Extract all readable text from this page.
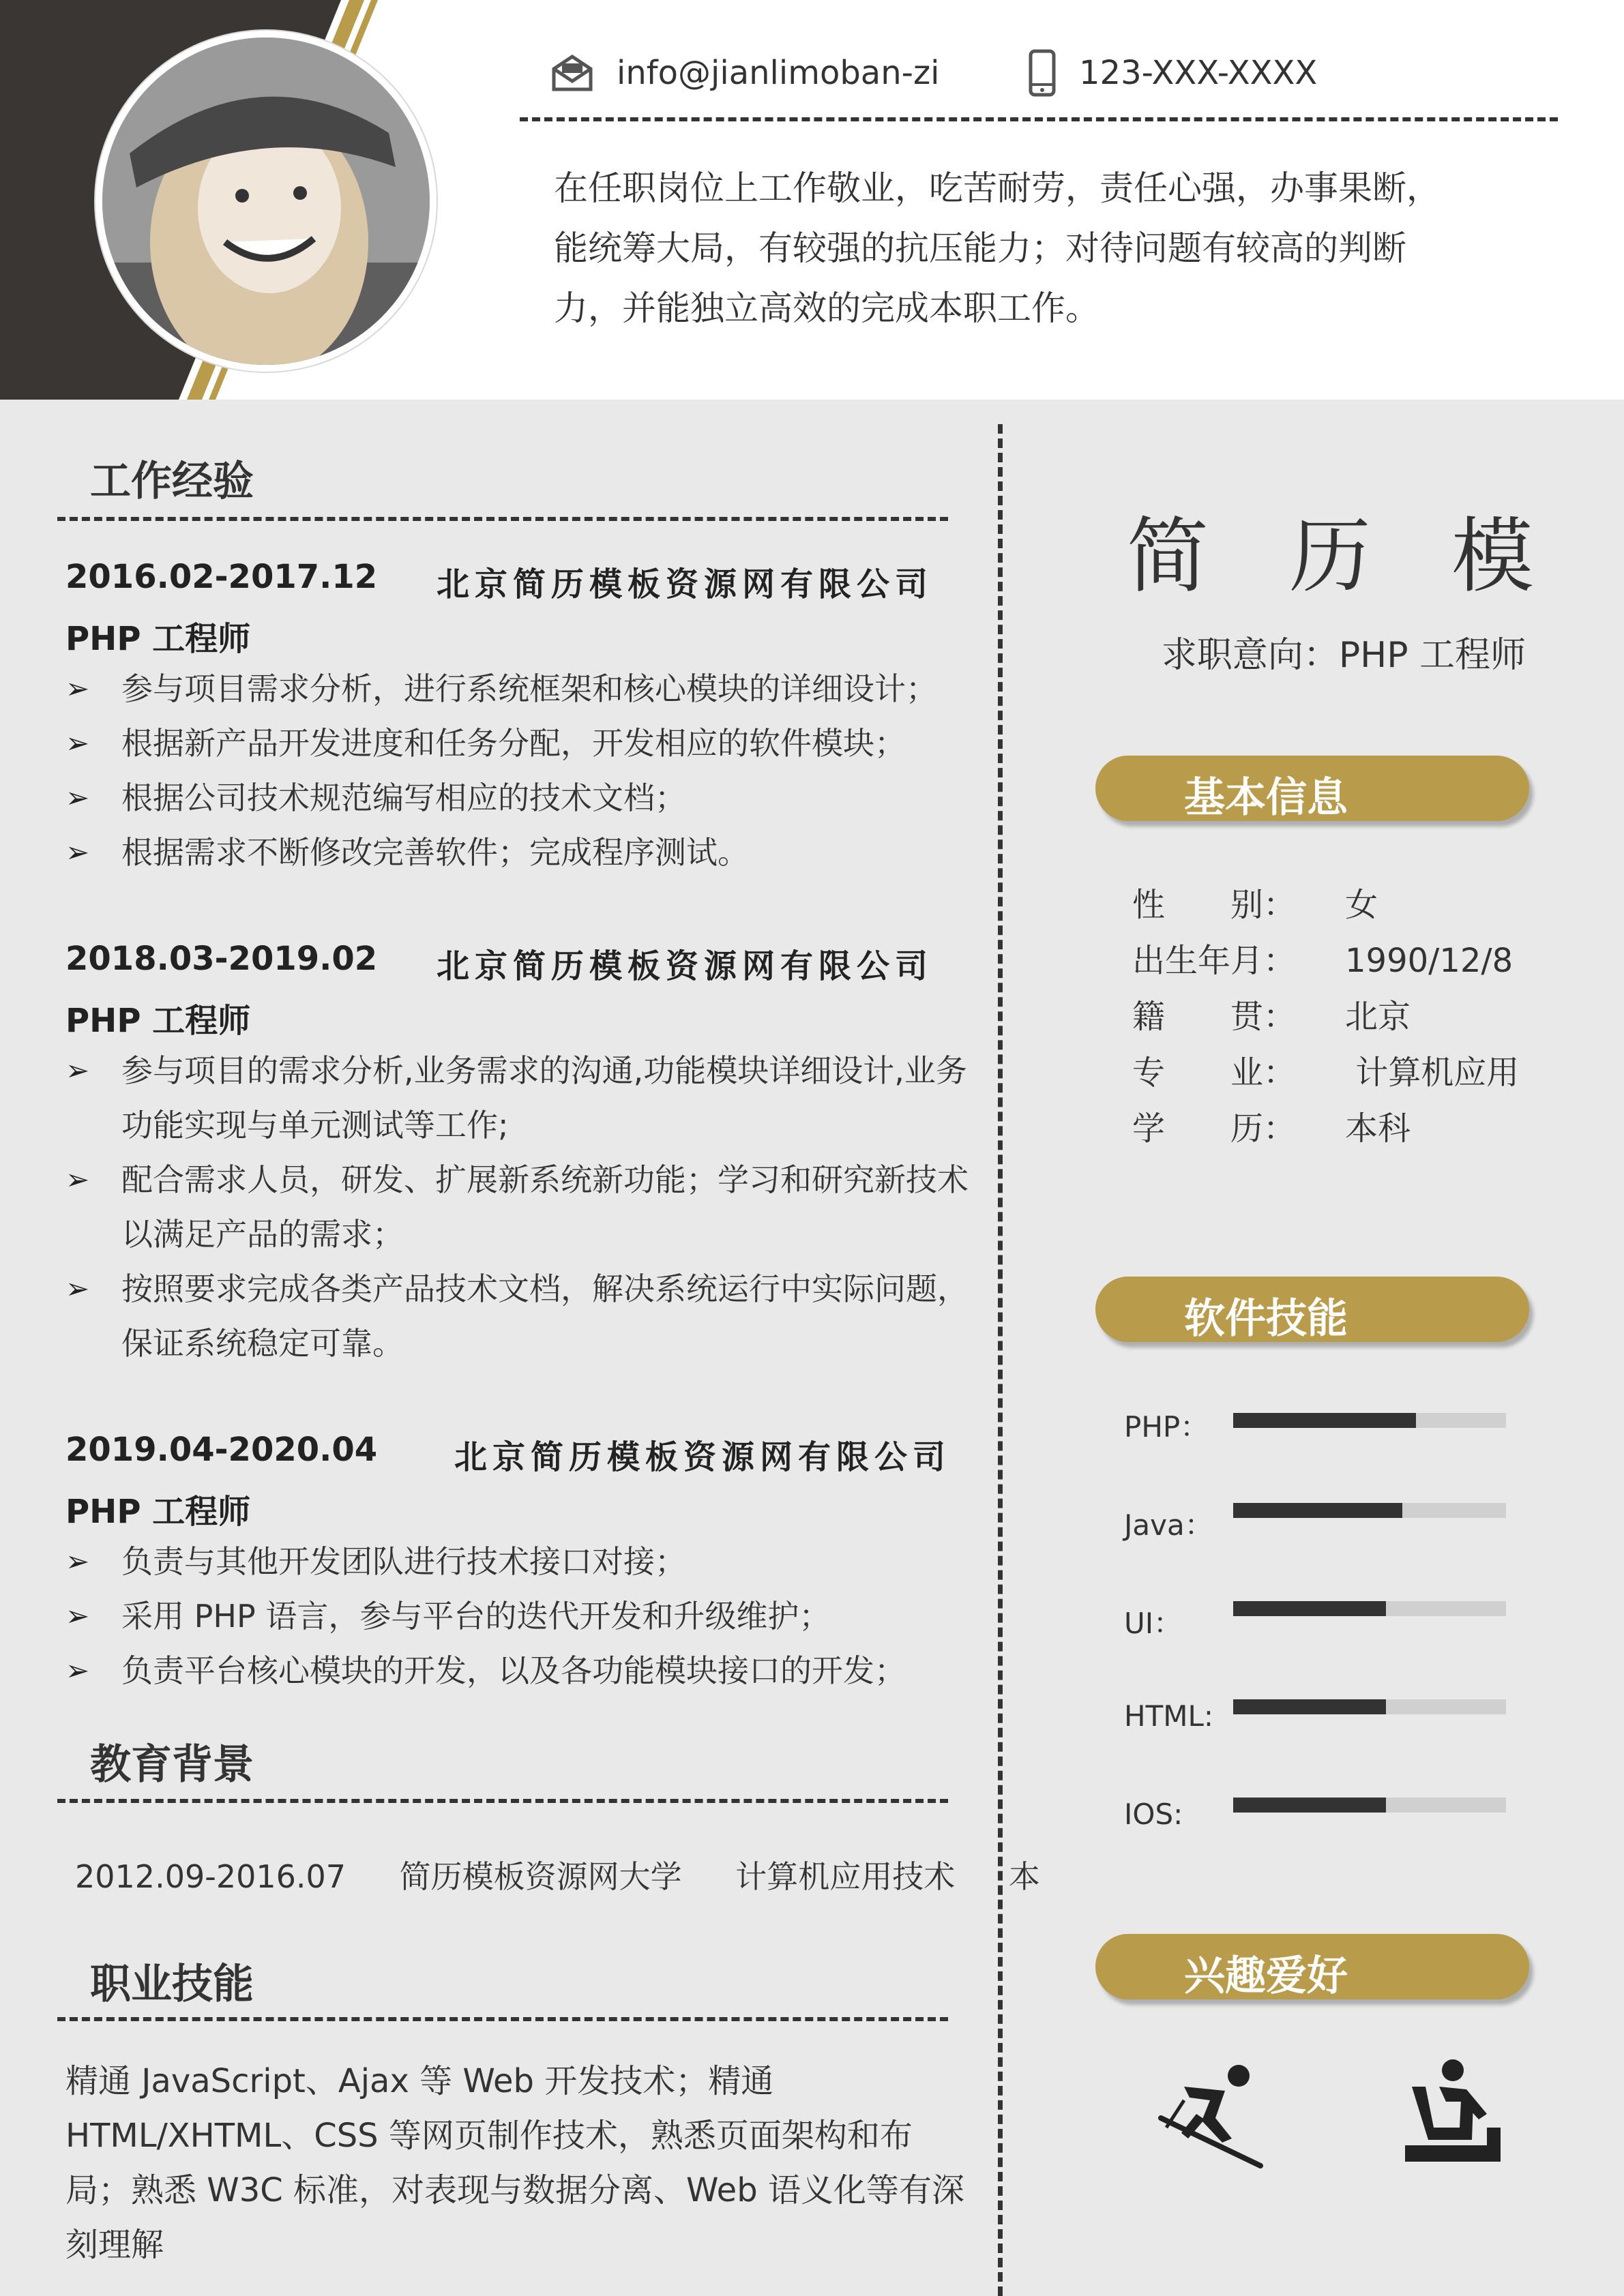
info@jianlimoban-zi	123-XXX-XXXX

在任职岗位上工作敬业，吃苦耐劳，责任心强，办事果断，
能统筹大局，有较强的抗压能力；对待问题有较高的判断
力，并能独立高效的完成本职工作。

工作经验
2016.02-2017.12 北京简历模板资源网有限公司
PHP 工程师
➢ 参与项目需求分析，进行系统框架和核心模块的详细设计；
➢ 根据新产品开发进度和任务分配，开发相应的软件模块；
➢ 根据公司技术规范编写相应的技术文档；
➢ 根据需求不断修改完善软件；完成程序测试。
2018.03-2019.02 北京简历模板资源网有限公司
PHP 工程师
➢ 参与项目的需求分析,业务需求的沟通,功能模块详细设计,业务功能实现与单元测试等工作;
➢ 配合需求人员，研发、扩展新系统新功能；学习和研究新技术以满足产品的需求；
➢ 按照要求完成各类产品技术文档，解决系统运行中实际问题，保证系统稳定可靠。
2019.04-2020.04 北京简历模板资源网有限公司
PHP 工程师
➢ 负责与其他开发团队进行技术接口对接；
➢ 采用 PHP 语言，参与平台的迭代开发和升级维护；
➢ 负责平台核心模块的开发，以及各功能模块接口的开发；
教育背景
2012.09-2016.07 简历模板资源网大学 计算机应用技术 本
职业技能

精通 JavaScript、Ajax 等 Web 开发技术；精通 HTML/XHTML、CSS 等网页制作技术，熟悉页面架构和布局；熟悉 W3C 标准，对表现与数据分离、Web 语义化等有深刻理解

简 历 模
求职意向：PHP 工程师
基本信息
性　　别： 女
出生年月： 1990/12/8
籍　　贯： 北京
专　　业： 计算机应用
学　　历： 本科
软件技能
PHP：
Java：
UI：
HTML:
IOS:
兴趣爱好
